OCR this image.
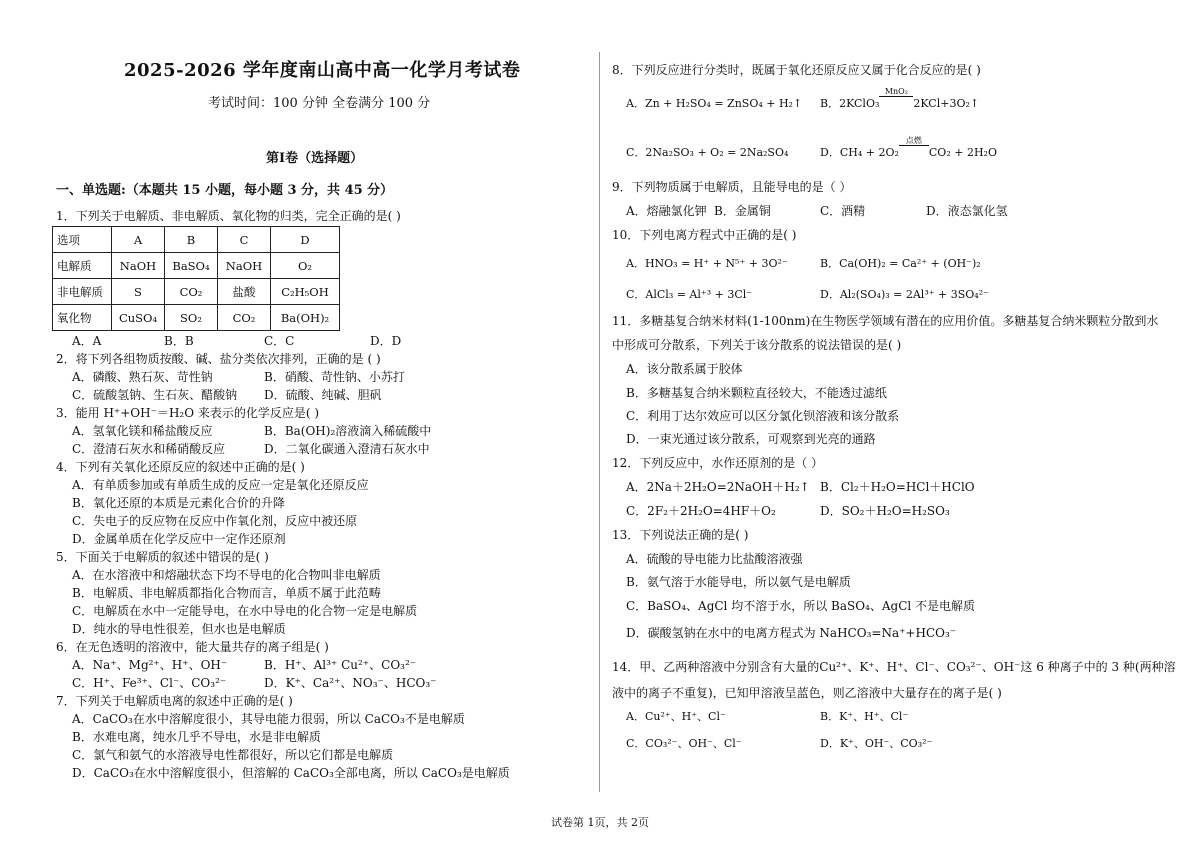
2025-2026 学年度南山高中高一化学月考试卷
考试时间：100 分钟 全卷满分 100 分
第Ⅰ卷（选择题）
一、单选题:（本题共 15 小题，每小题 3 分，共 45 分）
1．下列关于电解质、非电解质、氧化物的归类，完全正确的是( )
选项	A	B	C	D
电解质	NaOH	BaSO₄	NaOH	O₂
非电解质	S	CO₂	盐酸	C₂H₅OH
氧化物	CuSO₄	SO₂	CO₂	Ba(OH)₂
A．A	B．B	C．C	D．D
2．将下列各组物质按酸、碱、盐分类依次排列，正确的是 ( )
A．磷酸、熟石灰、苛性钠	B．硝酸、苛性钠、小苏打
C．硫酸氢钠、生石灰、醋酸钠 D．硫酸、纯碱、胆矾
3．能用 H⁺+OH⁻＝H₂O 来表示的化学反应是( )
A．氢氧化镁和稀盐酸反应	B．Ba(OH)₂溶液滴入稀硫酸中
C．澄清石灰水和稀硝酸反应	D．二氧化碳通入澄清石灰水中
4．下列有关氧化还原反应的叙述中正确的是( )
A．有单质参加或有单质生成的反应一定是氧化还原反应
B．氧化还原的本质是元素化合价的升降
C．失电子的反应物在反应中作氧化剂，反应中被还原
D．金属单质在化学反应中一定作还原剂
5．下面关于电解质的叙述中错误的是( )
A．在水溶液中和熔融状态下均不导电的化合物叫非电解质
B．电解质、非电解质都指化合物而言，单质不属于此范畴
C．电解质在水中一定能导电，在水中导电的化合物一定是电解质
D．纯水的导电性很差，但水也是电解质
6．在无色透明的溶液中，能大量共存的离子组是( )
A．Na⁺、Mg²⁺、H⁺、OH⁻	B．H⁺、Al³⁺ Cu²⁺、CO₃²⁻
C．H⁺、Fe³⁺、Cl⁻、CO₃²⁻	D．K⁺、Ca²⁺、NO₃⁻、HCO₃⁻
7．下列关于电解质电离的叙述中正确的是( )
A．CaCO₃在水中溶解度很小，其导电能力很弱，所以 CaCO₃不是电解质
B．水难电离，纯水几乎不导电，水是非电解质
C．氯气和氨气的水溶液导电性都很好，所以它们都是电解质
D．CaCO₃在水中溶解度很小，但溶解的 CaCO₃全部电离，所以 CaCO₃是电解质
8．下列反应进行分类时，既属于氧化还原反应又属于化合反应的是( )
A．Zn + H₂SO₄ = ZnSO₄ + H₂↑ B．2KClO₃
MnO₂
2KCl+3O₂↑
C．2Na₂SO₃ + O₂ = 2Na₂SO₄	D．CH₄ + 2O₂
点燃
CO₂ + 2H₂O
9．下列物质属于电解质，且能导电的是（ ）
A．熔融氯化钾 B．金属铜	C．酒精	D．液态氯化氢
10．下列电离方程式中正确的是( )
A．HNO₃ = H⁺ + N⁵⁺ + 3O²⁻	B．Ca(OH)₂ = Ca²⁺ + (OH⁻)₂
C．AlCl₃ = Al⁺³ + 3Cl⁻	D．Al₂(SO₄)₃ = 2Al³⁺ + 3SO₄²⁻
11．多糖基复合纳米材料(1-100nm)在生物医学领域有潜在的应用价值。多糖基复合纳米颗粒分散到水
中形成可分散系，下列关于该分散系的说法错误的是( )
A．该分散系属于胶体
B．多糖基复合纳米颗粒直径较大，不能透过滤纸
C．利用丁达尔效应可以区分氯化钡溶液和该分散系
D．一束光通过该分散系，可观察到光亮的通路
12．下列反应中，水作还原剂的是（ ）
A．2Na＋2H₂O=2NaOH＋H₂↑ B．Cl₂＋H₂O=HCl＋HClO
C．2F₂＋2H₂O=4HF＋O₂	D．SO₂＋H₂O=H₂SO₃
13．下列说法正确的是( )
A．硫酸的导电能力比盐酸溶液强
B．氨气溶于水能导电，所以氨气是电解质
C．BaSO₄、AgCl 均不溶于水，所以 BaSO₄、AgCl 不是电解质
D．碳酸氢钠在水中的电离方程式为 NaHCO₃=Na⁺+HCO₃⁻
14．甲、乙两种溶液中分别含有大量的Cu²⁺、K⁺、H⁺、Cl⁻、CO₃²⁻、OH⁻这 6 种离子中的 3 种(两种溶
液中的离子不重复)，已知甲溶液呈蓝色，则乙溶液中大量存在的离子是( )
A．Cu²⁺、H⁺、Cl⁻	B．K⁺、H⁺、Cl⁻
C．CO₃²⁻、OH⁻、Cl⁻	D．K⁺、OH⁻、CO₃²⁻
试卷第 1页，共 2页
